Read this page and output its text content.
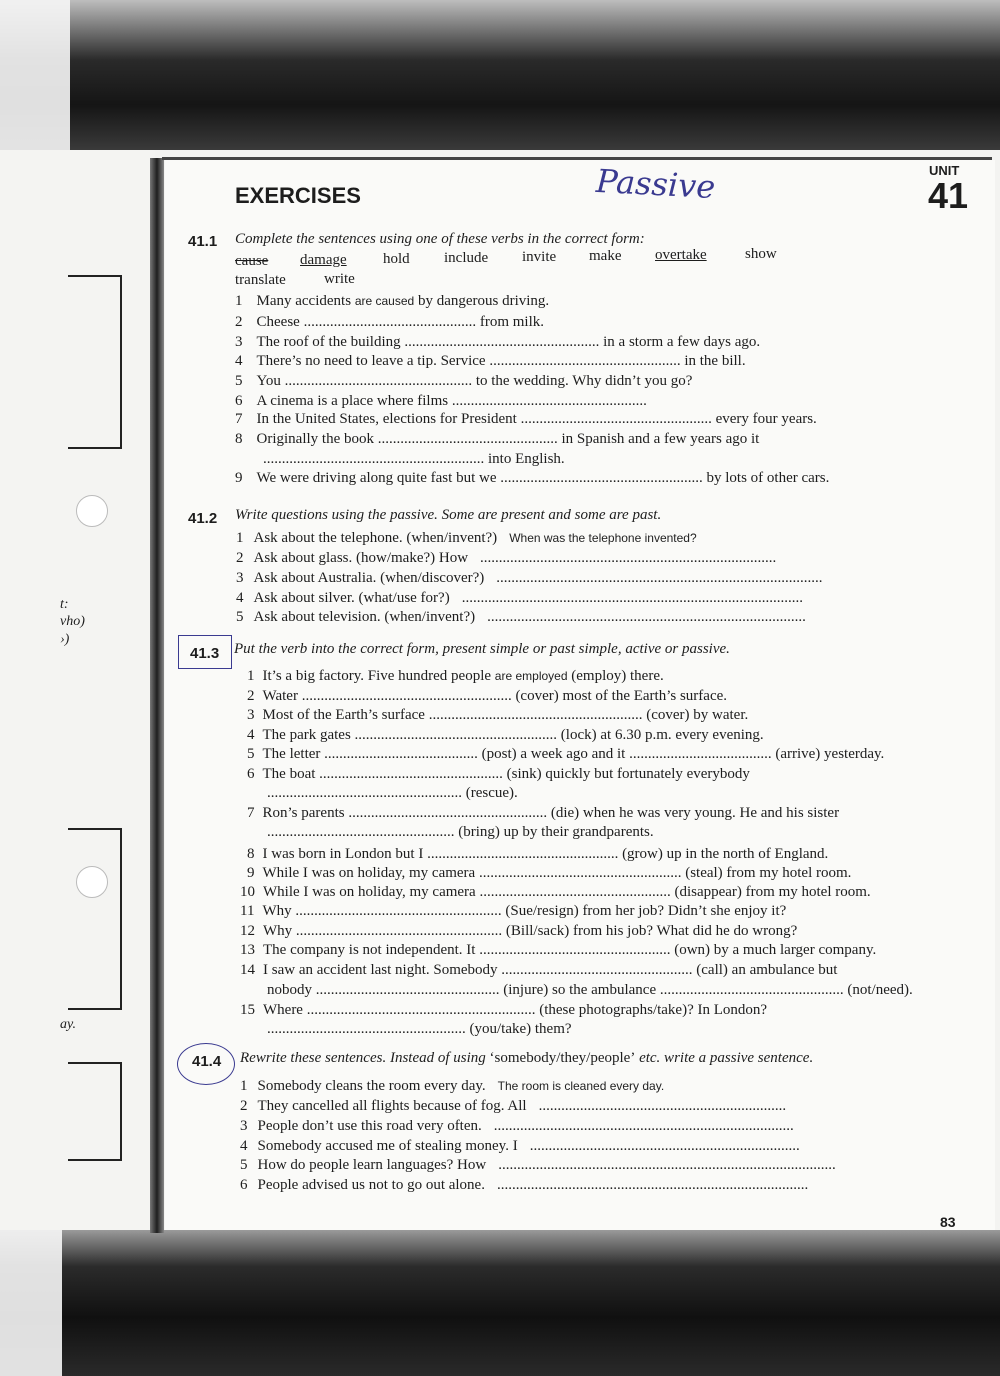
t:
vho)
›)
ay.
EXERCISES	Passive	UNIT
41
41.1 Complete the sentences using one of these verbs in the correct form:
cause damage hold include invite make overtake	show
translate	write
1 Many accidents are caused by dangerous driving.
2 Cheese .............................................. from milk.
3 The roof of the building .................................................... in a storm a few days ago.
4 There’s no need to leave a tip. Service ................................................... in the bill.
5 You .................................................. to the wedding. Why didn’t you go?
6 A cinema is a place where films ....................................................
7 In the United States, elections for President ................................................... every four years.
8 Originally the book ................................................ in Spanish and a few years ago it
........................................................... into English.
9 We were driving along quite fast but we ...................................................... by lots of other cars.
1 Ask about the telephone. (when/invent?) When was the telephone invented?
2 Ask about glass. (how/make?) How ...............................................................................
3 Ask about Australia. (when/discover?) .......................................................................................
4 Ask about silver. (what/use for?) ...........................................................................................
5 Ask about television. (when/invent?) .....................................................................................
1 It’s a big factory. Five hundred people are employed (employ) there.
2 Water ........................................................ (cover) most of the Earth’s surface.
3 Most of the Earth’s surface ......................................................... (cover) by water.
4 The park gates ...................................................... (lock) at 6.30 p.m. every evening.
5 The letter ......................................... (post) a week ago and it ...................................... (arrive) yesterday.
6 The boat ................................................. (sink) quickly but fortunately everybody
.................................................... (rescue).
7 Ron’s parents ..................................................... (die) when he was very young. He and his sister
.................................................. (bring) up by their grandparents.
8 I was born in London but I ................................................... (grow) up in the north of England.
9 While I was on holiday, my camera ...................................................... (steal) from my hotel room.
10 While I was on holiday, my camera ................................................... (disappear) from my hotel room.
11 Why ....................................................... (Sue/resign) from her job? Didn’t she enjoy it?
12 Why ....................................................... (Bill/sack) from his job? What did he do wrong?
13 The company is not independent. It ................................................... (own) by a much larger company.
14 I saw an accident last night. Somebody ................................................... (call) an ambulance but
nobody ................................................. (injure) so the ambulance ................................................. (not/need).
15 Where ............................................................. (these photographs/take)? In London?
..................................................... (you/take) them?
1 Somebody cleans the room every day. The room is cleaned every day.
2 They cancelled all flights because of fog. All ..................................................................
3 People don’t use this road very often. ................................................................................
4 Somebody accused me of stealing money. I ........................................................................
5 How do people learn languages? How ..........................................................................................
6 People advised us not to go out alone. ...................................................................................
41.2 Write questions using the passive. Some are present and some are past.
41.3 Put the verb into the correct form, present simple or past simple, active or passive.
41.4 Rewrite these sentences. Instead of using ‘somebody/they/people’ etc. write a passive sentence.
83
